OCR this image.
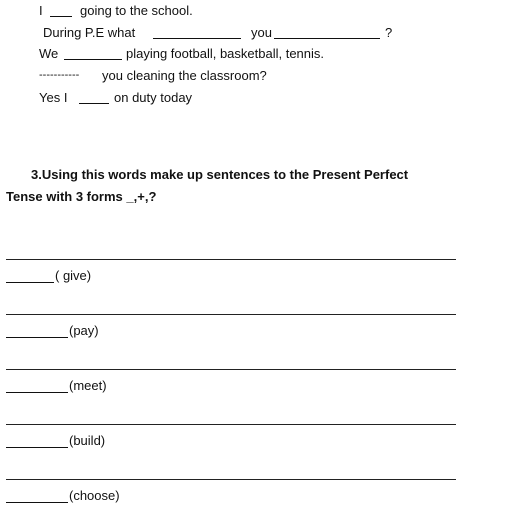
I	going to the school.
During P.E what	you	?
We	playing football, basketball, tennis.
----------- you cleaning the classroom?
Yes I	on duty today
3.Using this words make up sentences to the Present Perfect
Tense with 3 forms _,+,?
( give)
(pay)
(meet)
(build)
(choose)
